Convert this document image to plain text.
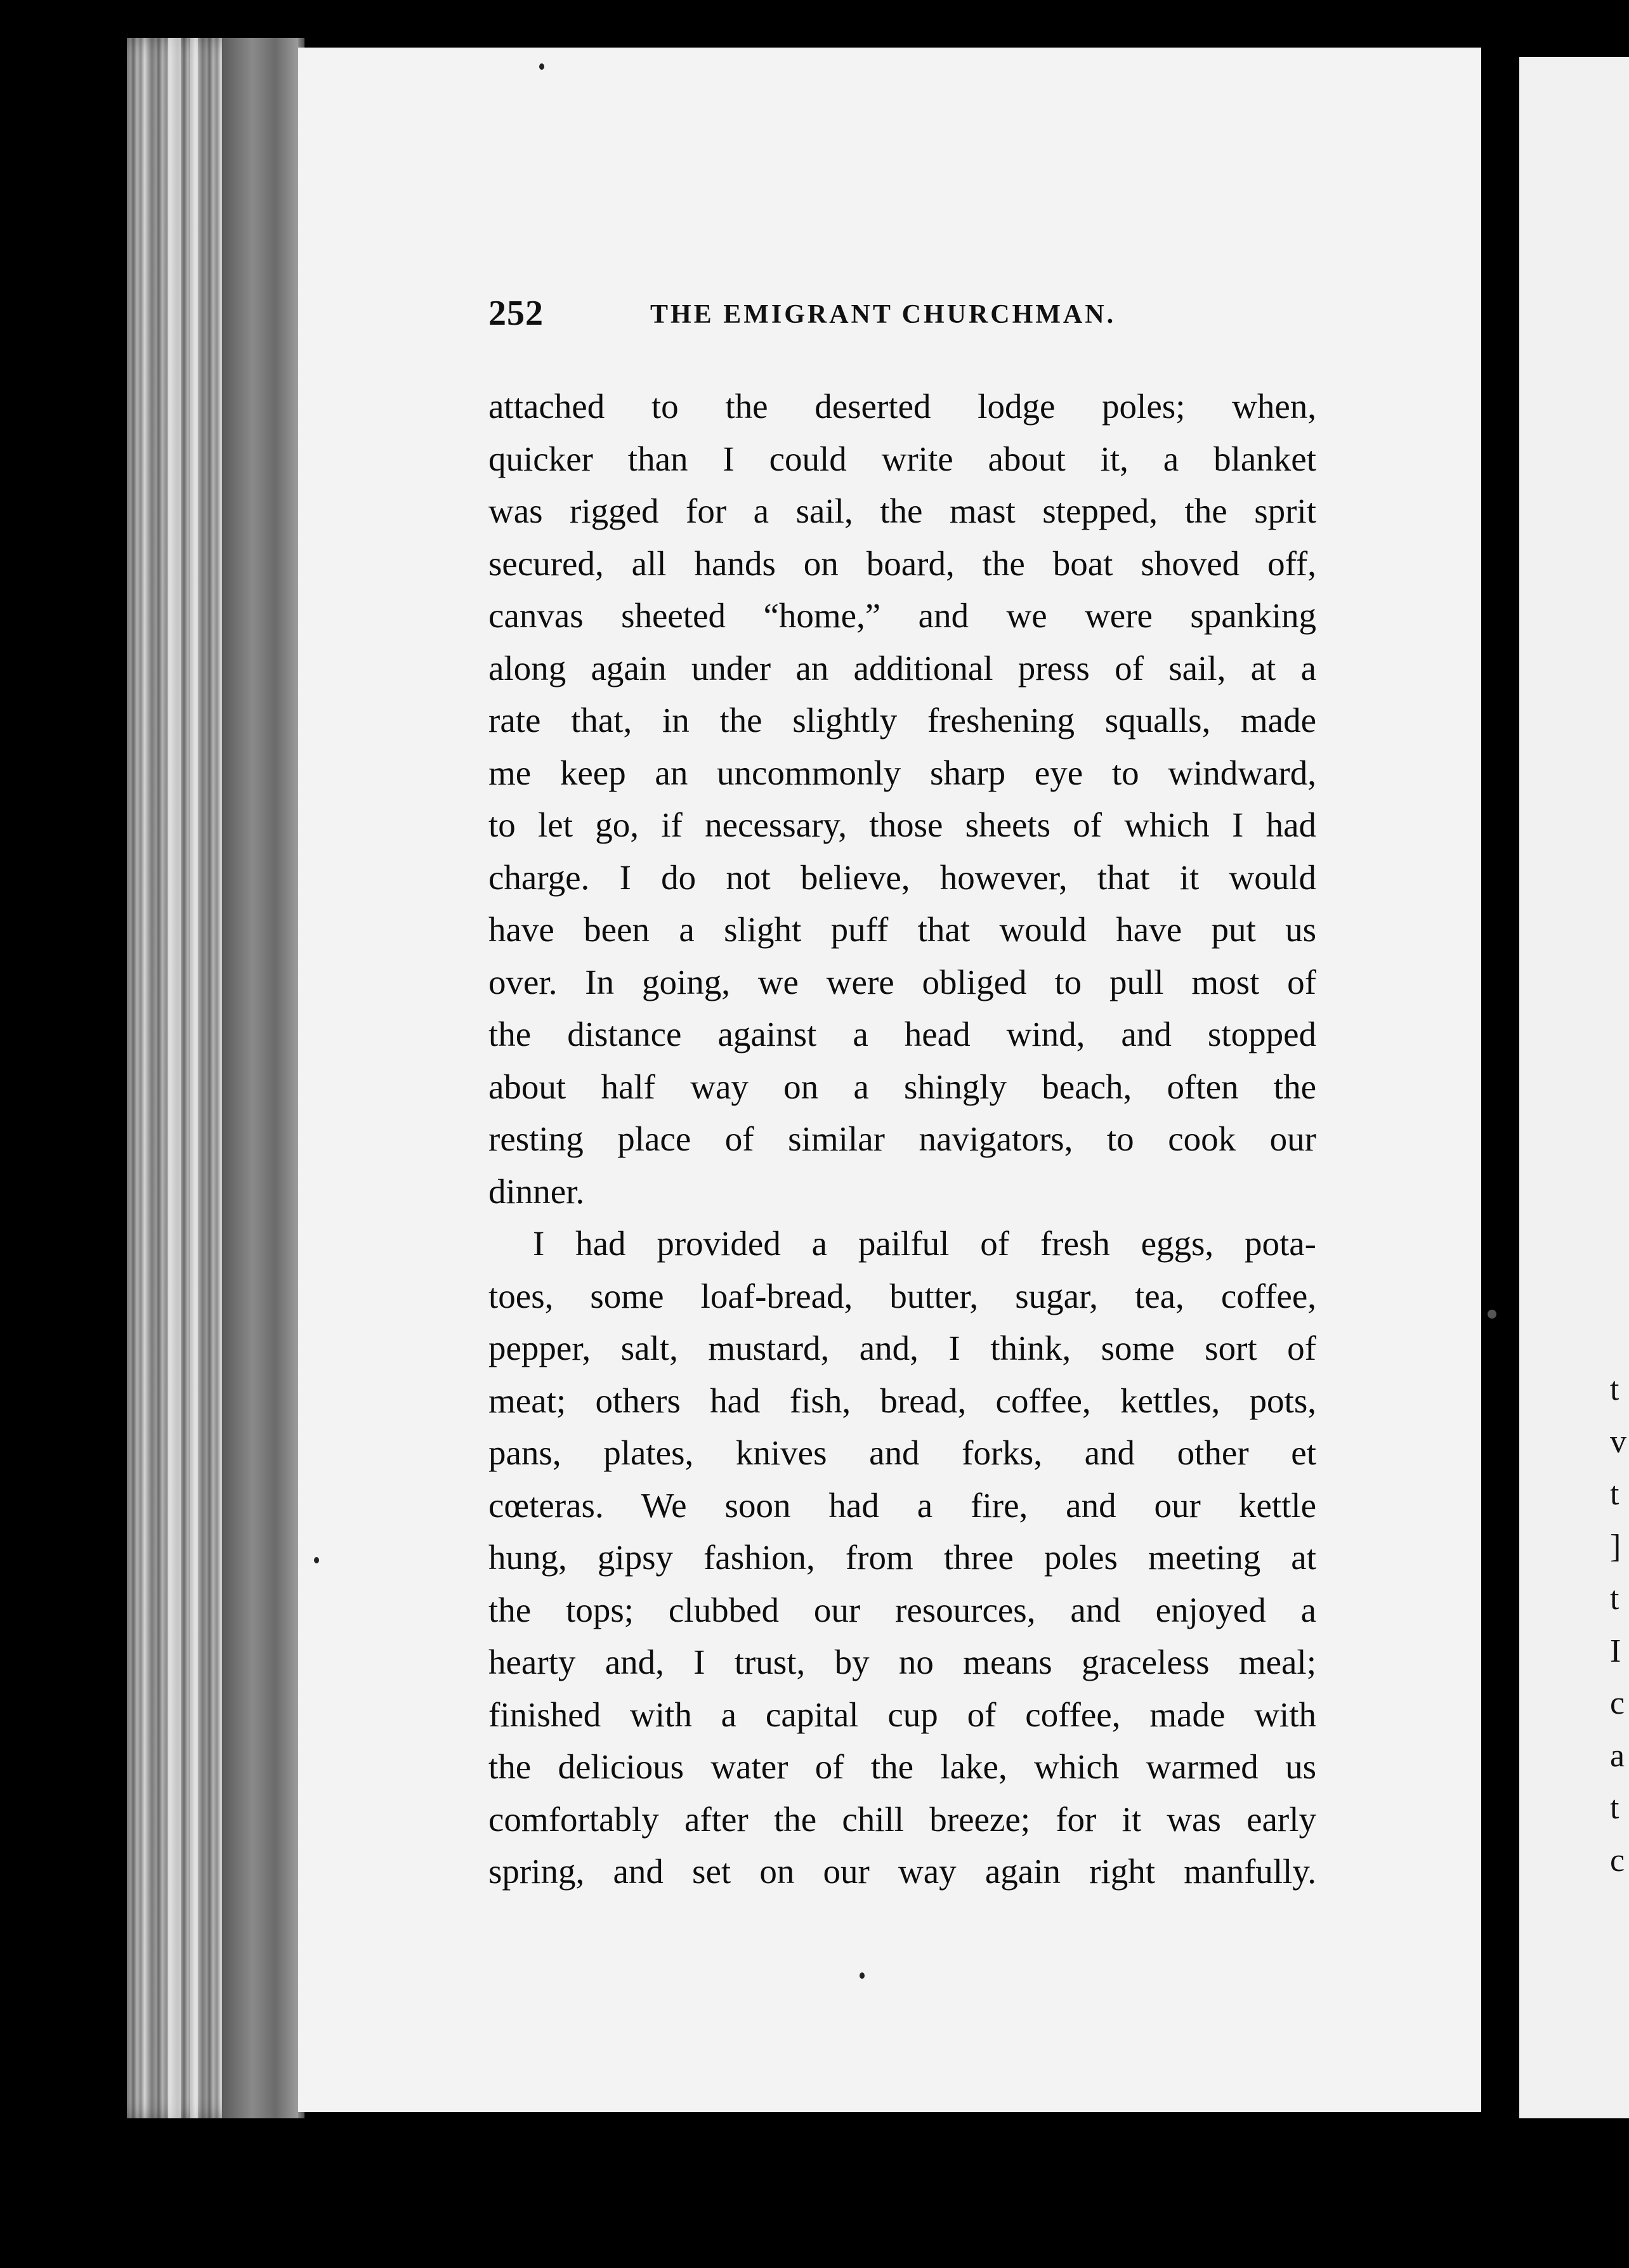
252	THE EMIGRANT CHURCHMAN.
attached to the deserted lodge poles; when,
quicker than I could write about it, a blanket
was rigged for a sail, the mast stepped, the sprit
secured, all hands on board, the boat shoved off,
canvas sheeted “home,” and we were spanking
along again under an additional press of sail, at a
rate that, in the slightly freshening squalls, made
me keep an uncommonly sharp eye to windward,
to let go, if necessary, those sheets of which I had
charge. I do not believe, however, that it would
have been a slight puff that would have put us
over. In going, we were obliged to pull most of
the distance against a head wind, and stopped
about half way on a shingly beach, often the
resting place of similar navigators, to cook our
dinner.
I had provided a pailful of fresh eggs, pota-
toes, some loaf-bread, butter, sugar, tea, coffee,
pepper, salt, mustard, and, I think, some sort of
meat; others had fish, bread, coffee, kettles, pots,
pans, plates, knives and forks, and other et
cœteras. We soon had a fire, and our kettle
hung, gipsy fashion, from three poles meeting at
the tops; clubbed our resources, and enjoyed a
hearty and, I trust, by no means graceless meal;
finished with a capital cup of coffee, made with
the delicious water of the lake, which warmed us
comfortably after the chill breeze; for it was early
spring, and set on our way again right manfully.
t
v
t
]
t
I
c
a
t
c
